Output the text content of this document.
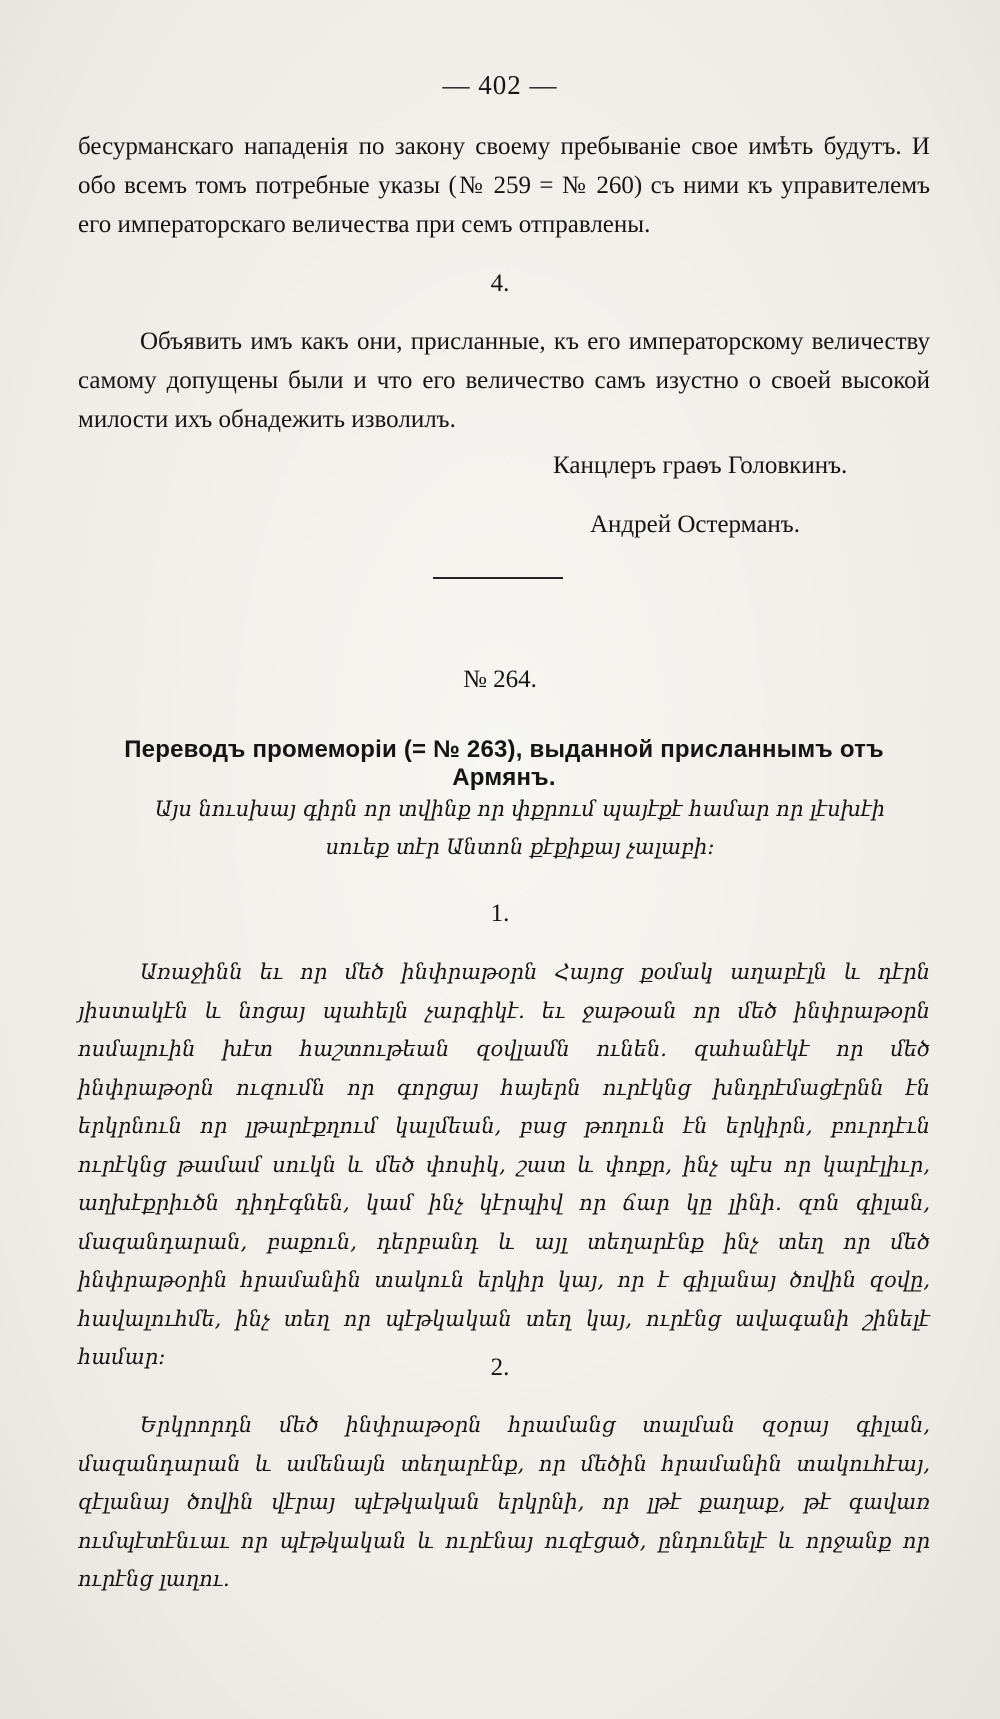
— 402 —
бесурманскаго нападенія по закону своему пребываніе свое имѣть будутъ. И обо всемъ томъ потребные указы (№ 259 = № 260) съ ними къ управителемъ его императорскаго величества при семъ отправлены.
4.
Объявить имъ какъ они, присланные, къ его императорскому величеству самому допущены были и что его величество самъ изустно о своей высокой милости ихъ обнадежить изволилъ.
Канцлеръ граѳъ Головкинъ.
Андрей Остерманъ.
№ 264.
Переводъ промеморіи (= № 263), выданной присланнымъ отъ Армянъ.
Այս նուսխայ գիրն որ տվինք որ փքրում պայէքէ համար որ լէսխէի սուեք տէր Անտոն քէքիքայ չալաբի։
1.
Առաջինն եւ որ մեծ ինփրաթօրն Հայոց քօմակ աղաբէլն և դէրն յիստակէն և նոցայ պահելն չարգիկէ. եւ ջաթօան որ մեծ ինփրաթօրն ոսմալուին խէտ հաշտութեան զօվլամն ունեն. զահանէկէ որ մեծ ինփրաթօրն ուզումն որ գորցայ հայերն ուրէկնց խնդրէմացէրնն էն երկրնուն որ լթարէքղում կալմեան, բաց թողուն էն երկիրն, բուրդէւն ուրէկնց թամամ սուկն և մեծ փոսիկ, շատ և փոքր, ինչ պէս որ կարէլիւր, աղխէքրիւծն դիդէգնեն, կամ ինչ կէրպիվ որ ճար կը լինի. զոն գիլան, մազանդարան, բաքուն, դերբանդ և այլ տեղարէնք ինչ տեղ որ մեծ ինփրաթօրին հրամանին տակուն երկիր կայ, որ է գիլանայ ծովին զօվը, հավալուհմե, ինչ տեղ որ պէթկական տեղ կայ, ուրէնց ավագանի շինելէ համար։	2.
Երկրորդն մեծ ինփրաթօրն հրամանց տալման զօրայ գիլան, մազանդարան և ամենայն տեղարէնք, որ մեծին հրամանին տակուհէայ, զէլանայ ծովին վէրայ պէթկական երկրնի, որ լթէ քաղաք, թէ գավառ ումպէտէնւաւ որ պէթկական և ուրէնայ ուզէցած, ընդունելէ և որջանք որ ուրէնց լաղու.
